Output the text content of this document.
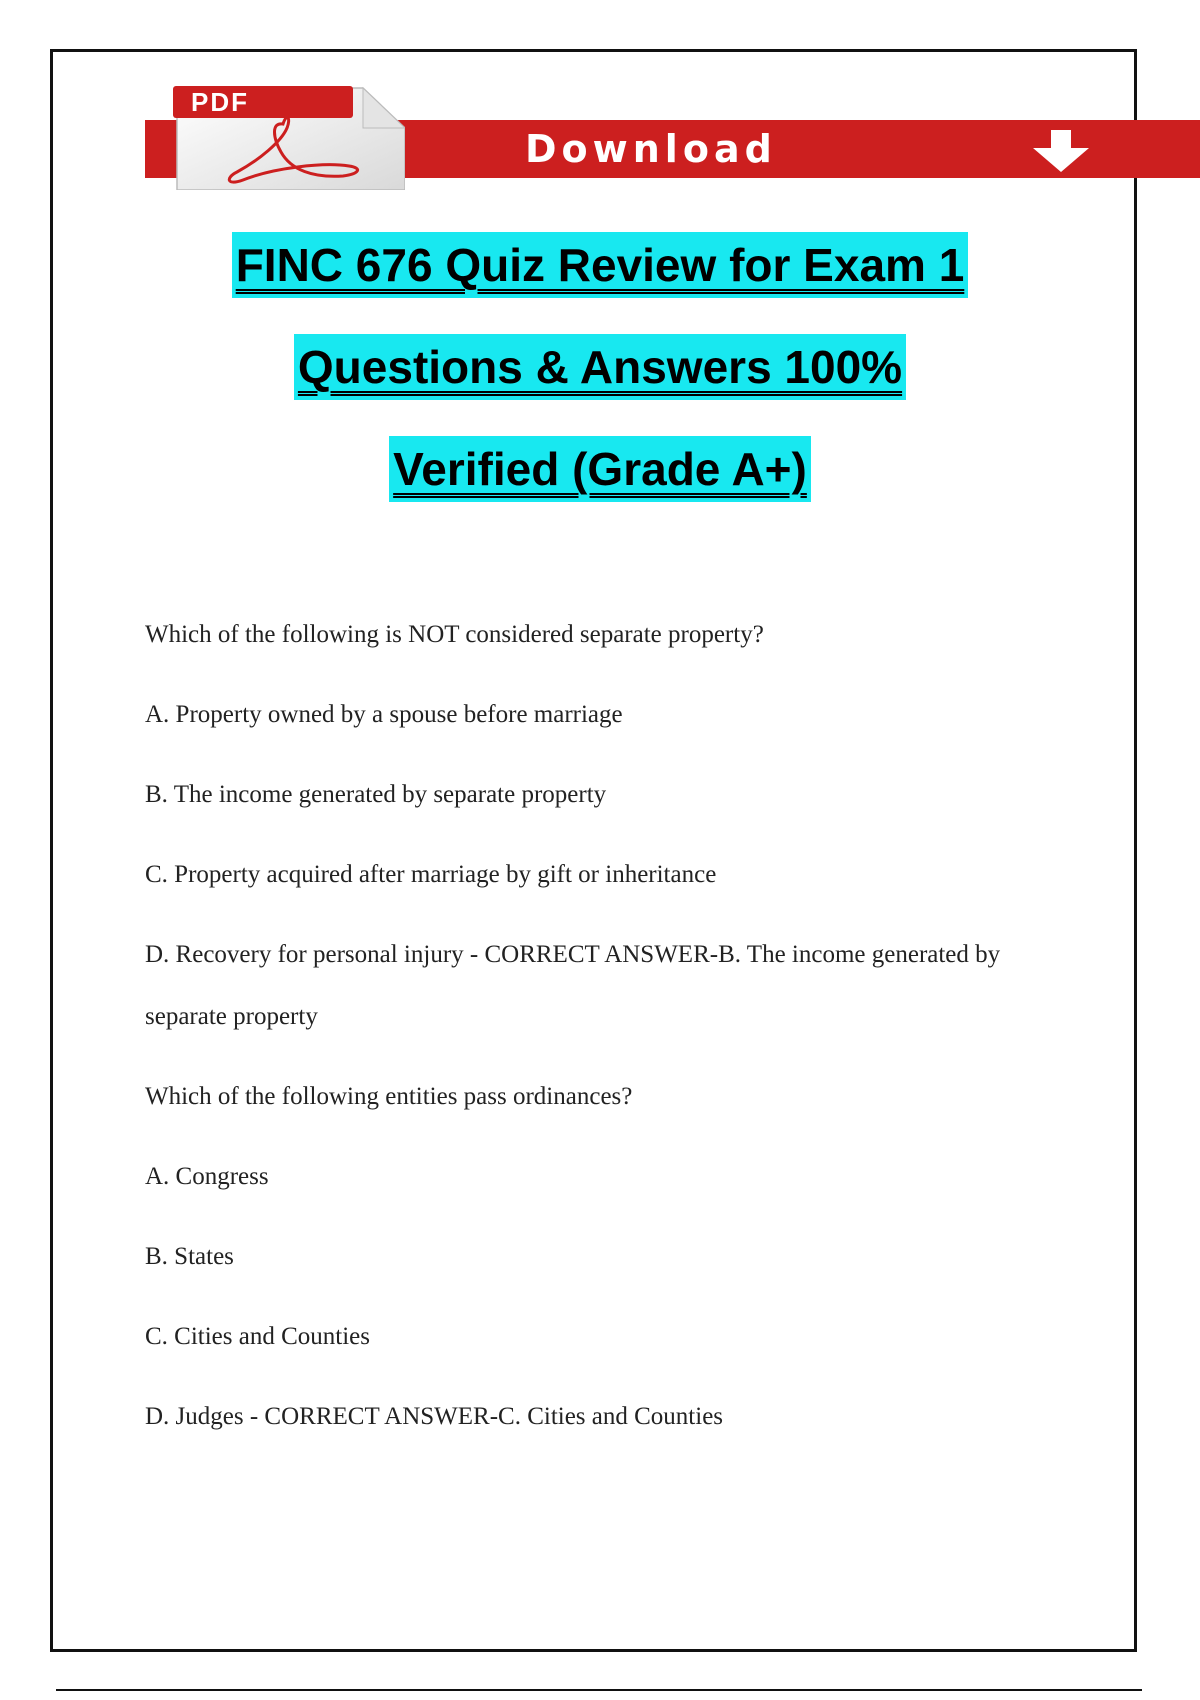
PDF
Download
FINC 676 Quiz Review for Exam 1
Questions & Answers 100%
Verified (Grade A+)

Which of the following is NOT considered separate property?

A. Property owned by a spouse before marriage

B. The income generated by separate property

C. Property acquired after marriage by gift or inheritance

D. Recovery for personal injury - CORRECT ANSWER-B. The income generated by separate property

Which of the following entities pass ordinances?

A. Congress

B. States

C. Cities and Counties

D. Judges - CORRECT ANSWER-C. Cities and Counties
